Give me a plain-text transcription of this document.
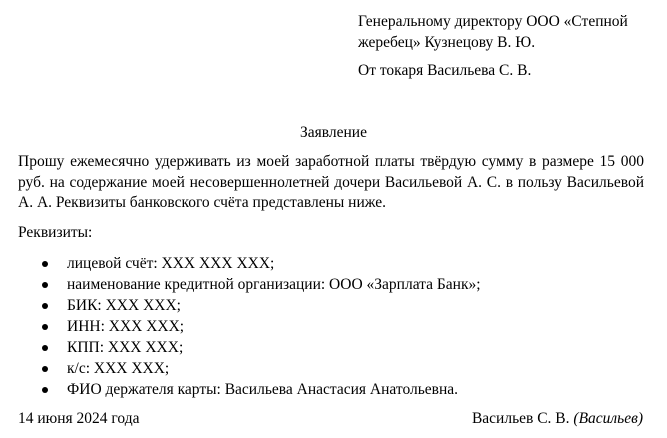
Генеральному директору ООО «Степной жеребец» Кузнецову В. Ю.
От токаря Васильева С. В.
Заявление
Прошу ежемесячно удерживать из моей заработной платы твёрдую сумму в размере 15 000 руб. на содержание моей несовершеннолетней дочери Васильевой А. С. в пользу Васильевой А. А. Реквизиты банковского счёта представлены ниже.
Реквизиты:
лицевой счёт: ХХХ ХХХ ХХХ;
наименование кредитной организации: ООО «Зарплата Банк»;
БИК: ХХХ ХХХ;
ИНН: ХХХ ХХХ;
КПП: ХХХ ХХХ;
к/с: ХХХ ХХХ;
ФИО держателя карты: Васильева Анастасия Анатольевна.
14 июня 2024 года	Васильев С. В. (Васильев)
